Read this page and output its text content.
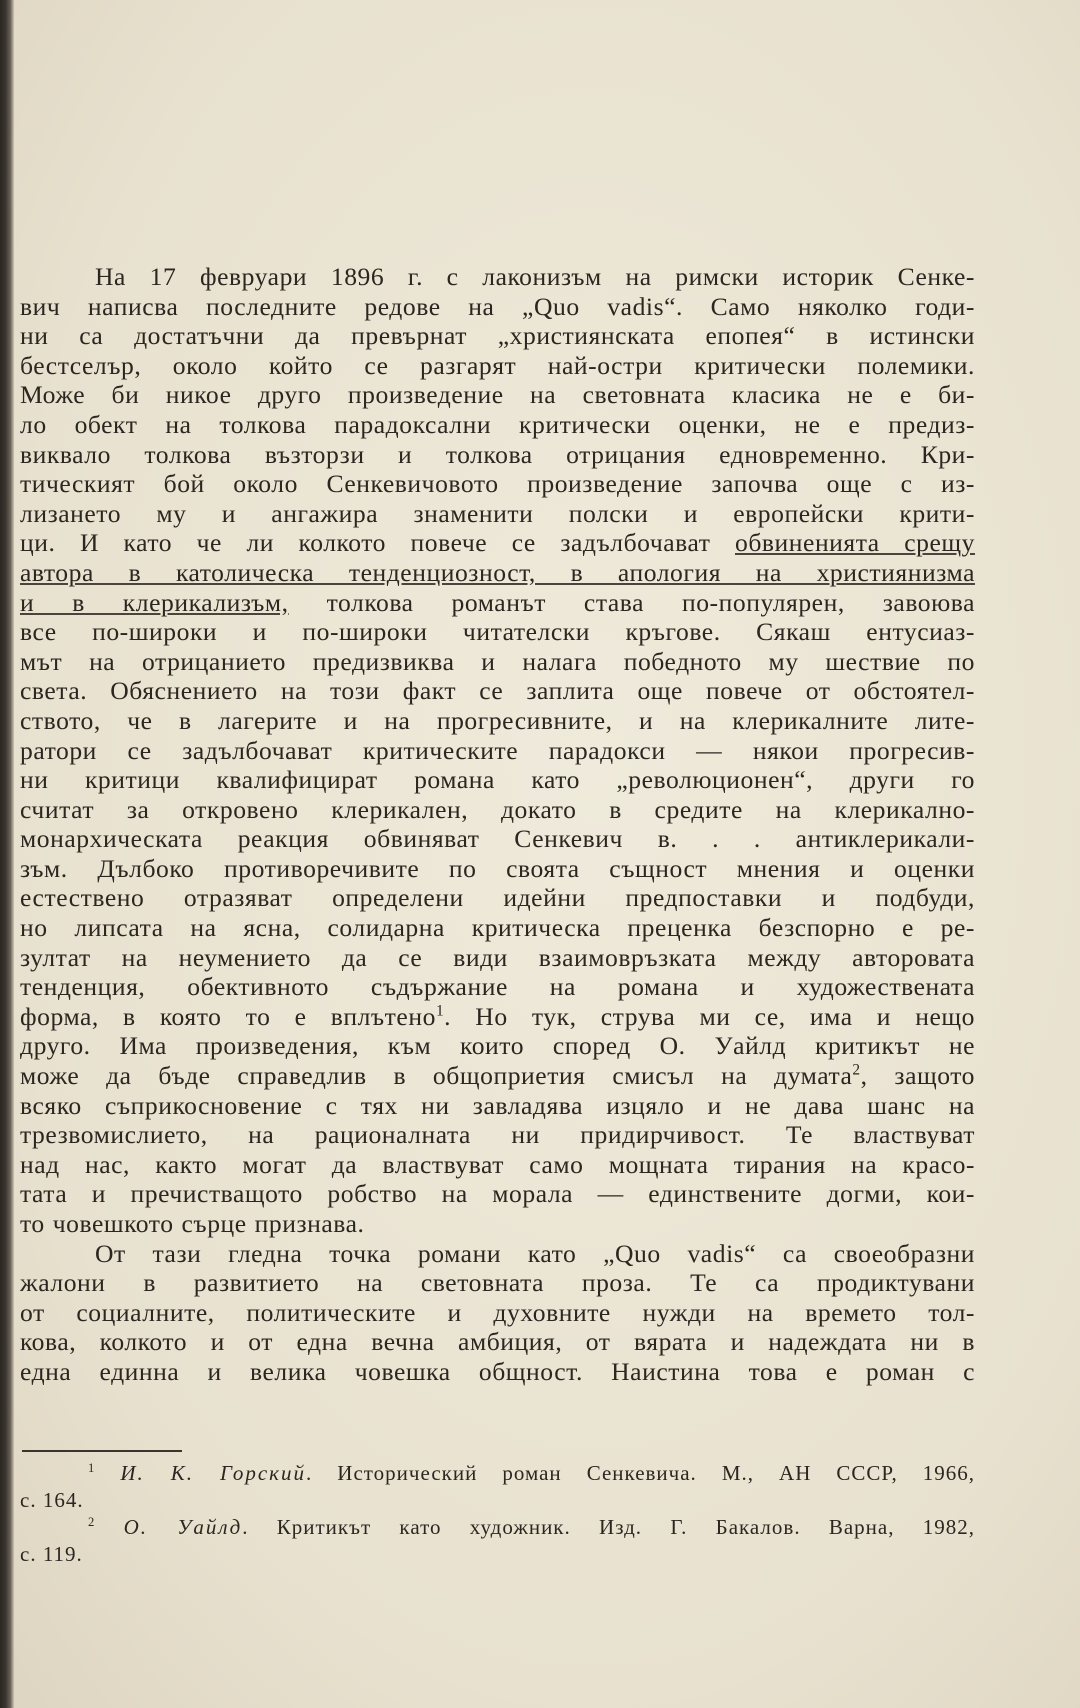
На 17 февруари 1896 г. с лаконизъм на римски историк Сенке-
вич написва последните редове на „Quo vadis“. Само няколко годи-
ни са достатъчни да превърнат „християнската епопея“ в истински
бестселър, около който се разгарят най-остри критически полемики.
Може би никое друго произведение на световната класика не е би-
ло обект на толкова парадоксални критически оценки, не е предиз-
виквало толкова възторзи и толкова отрицания едновременно. Кри-
тическият бой около Сенкевичовото произведение започва още с из-
лизането му и ангажира знаменити полски и европейски крити-
ци. И като че ли колкото повече се задълбочават обвиненията срещу
автора в католическа тенденциозност, в апология на християнизма
и в клерикализъм, толкова романът става по-популярен, завоюва
все по-широки и по-широки читателски кръгове. Сякаш ентусиаз-
мът на отрицанието предизвиква и налага победното му шествие по
света. Обяснението на този факт се заплита още повече от обстоятел-
ството, че в лагерите и на прогресивните, и на клерикалните лите-
ратори се задълбочават критическите парадокси — някои прогресив-
ни критици квалифицират романа като „революционен“, други го
считат за откровено клерикален, докато в средите на клерикално-
монархическата реакция обвиняват Сенкевич в. . . антиклерикали-
зъм. Дълбоко противоречивите по своята същност мнения и оценки
естествено отразяват определени идейни предпоставки и подбуди,
но липсата на ясна, солидарна критическа преценка безспорно е ре-
зултат на неумението да се види взаимовръзката между авторовата
тенденция, обективното съдържание на романа и художествената
форма, в която то е вплътено$^1$. Но тук, струва ми се, има и нещо
друго. Има произведения, към които според О. Уайлд критикът не
може да бъде справедлив в общоприетия смисъл на думата$^2$, защото
всяко съприкосновение с тях ни завладява изцяло и не дава шанс на
трезвомислието, на рационалната ни придирчивост. Те властвуват
над нас, както могат да властвуват само мощната тирания на красо-
тата и пречистващото робство на морала — единствените догми, кои-
то човешкото сърце признава.

От тази гледна точка романи като „Quo vadis“ са своеобразни
жалони в развитието на световната проза. Те са продиктувани
от социалните, политическите и духовните нужди на времето тол-
кова, колкото и от една вечна амбиция, от вярата и надеждата ни в
една единна и велика човешка общност. Наистина това е роман с

$^1$ И. К. Горский. Исторический роман Сенкевича. М., АН СССР, 1966,
с. 164.

$^2$ О. Уайлд. Критикът като художник. Изд. Г. Бакалов. Варна, 1982,
с. 119.
